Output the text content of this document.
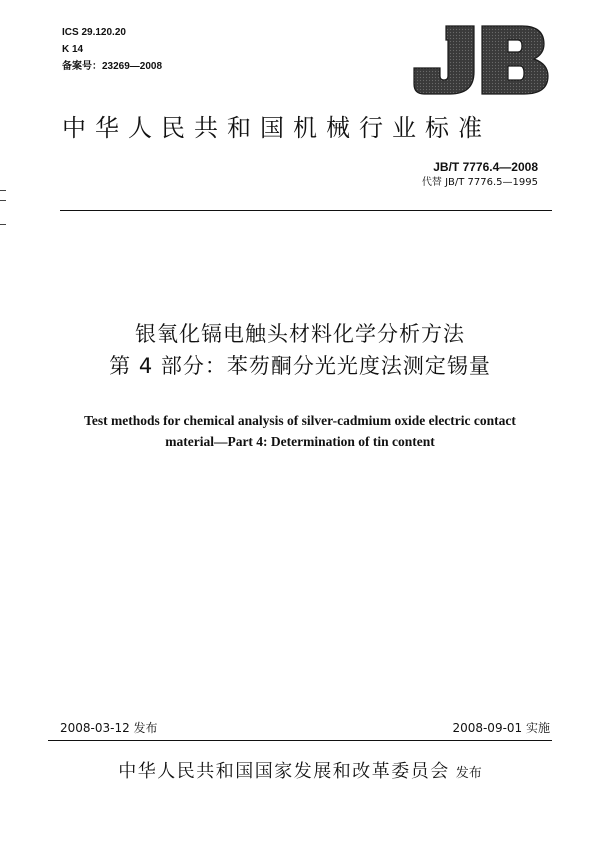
ICS 29.120.20
K 14
备案号：23269—2008
中华人民共和国机械行业标准
JB/T 7776.4—2008
代替 JB/T 7776.5—1995
银氧化镉电触头材料化学分析方法
第 4 部分：苯芴酮分光光度法测定锡量
Test methods for chemical analysis of silver-cadmium oxide electric contact
material—Part 4: Determination of tin content
2008-03-12 发布	2008-09-01 实施
中华人民共和国国家发展和改革委员会 发布
